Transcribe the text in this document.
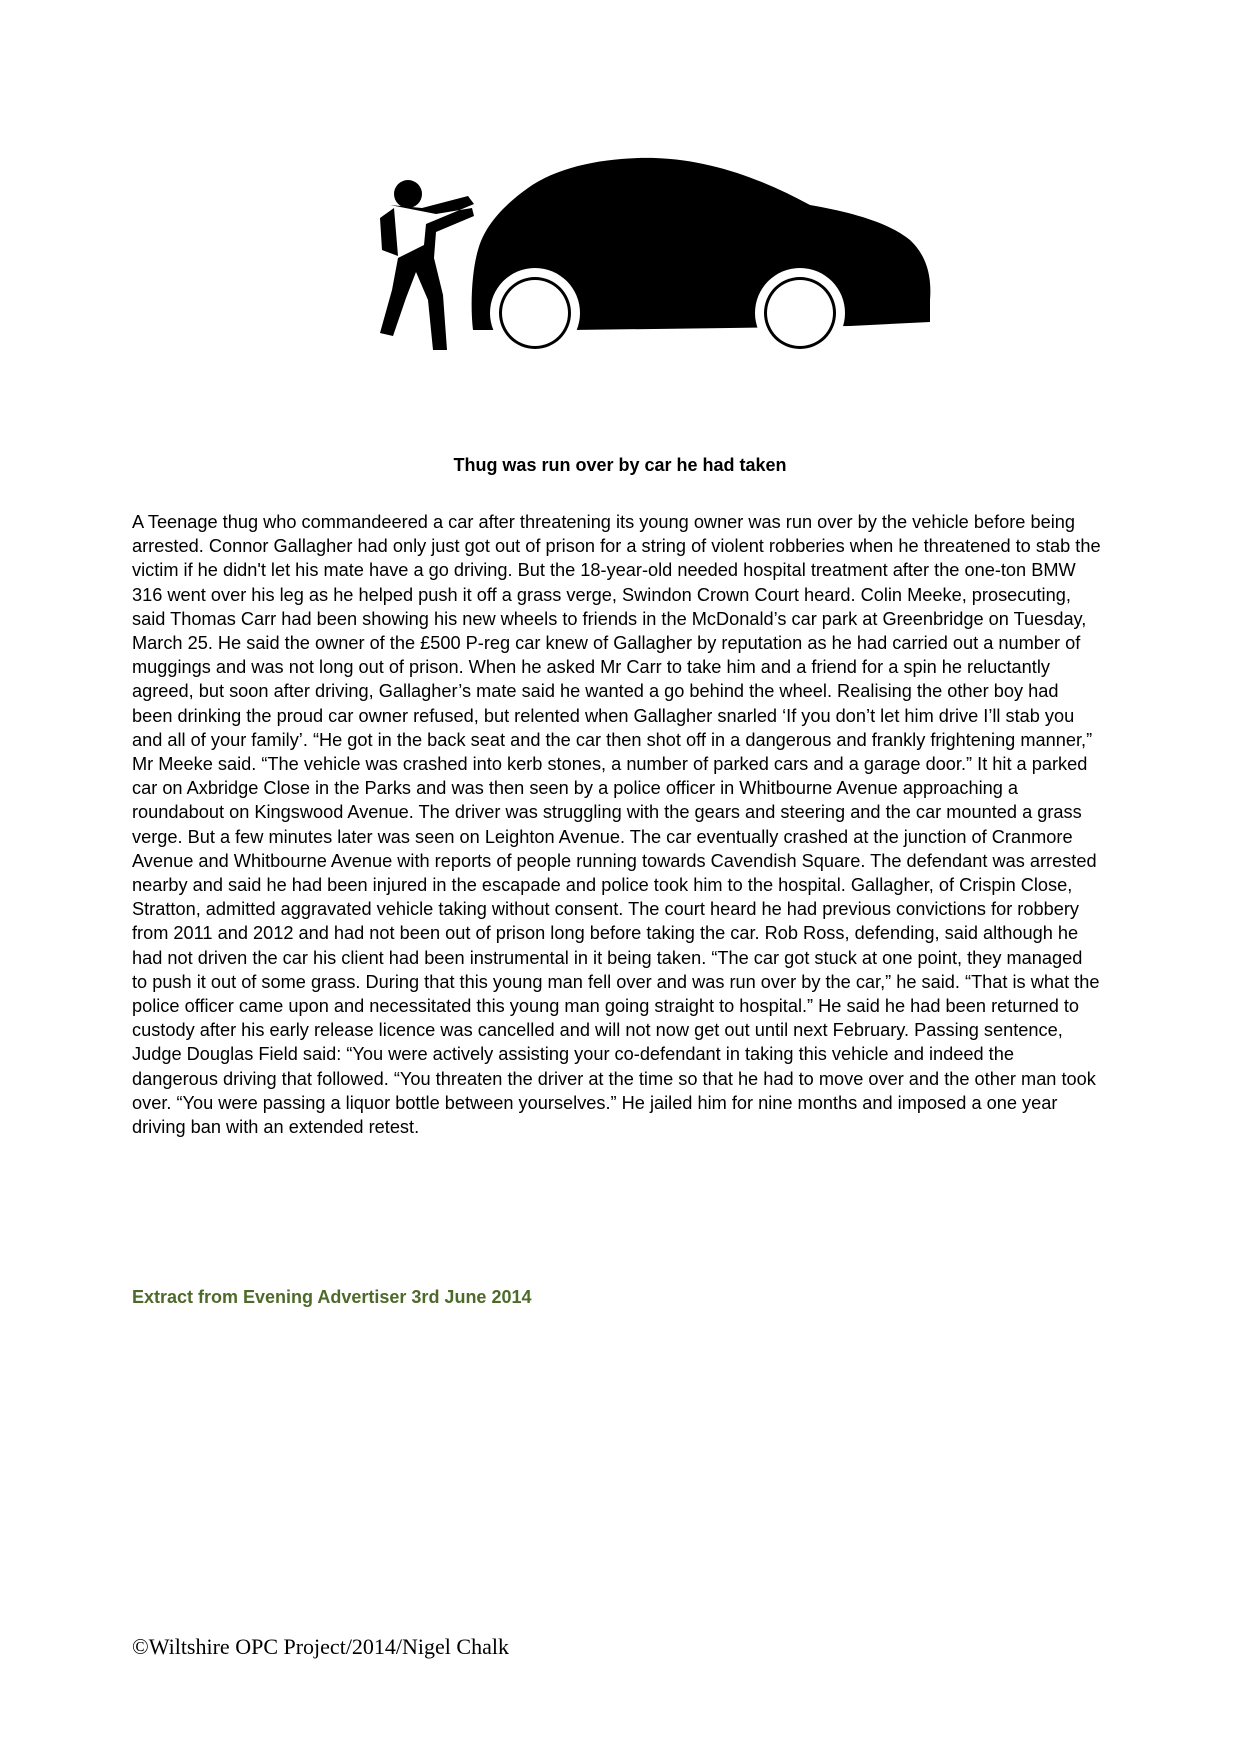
Thug was run over by car he had taken

A Teenage thug who commandeered a car after threatening its young owner was run over by the vehicle before being arrested. Connor Gallagher had only just got out of prison for a string of violent robberies when he threatened to stab the victim if he didn't let his mate have a go driving. But the 18-year-old needed hospital treatment after the one-ton BMW 316 went over his leg as he helped push it off a grass verge, Swindon Crown Court heard. Colin Meeke, prosecuting, said Thomas Carr had been showing his new wheels to friends in the McDonald’s car park at Greenbridge on Tuesday, March 25. He said the owner of the £500 P-reg car knew of Gallagher by reputation as he had carried out a number of muggings and was not long out of prison. When he asked Mr Carr to take him and a friend for a spin he reluctantly agreed, but soon after driving, Gallagher’s mate said he wanted a go behind the wheel. Realising the other boy had been drinking the proud car owner refused, but relented when Gallagher snarled ‘If you don’t let him drive I’ll stab you and all of your family’. “He got in the back seat and the car then shot off in a dangerous and frankly frightening manner,” Mr Meeke said. “The vehicle was crashed into kerb stones, a number of parked cars and a garage door.” It hit a parked car on Axbridge Close in the Parks and was then seen by a police officer in Whitbourne Avenue approaching a roundabout on Kingswood Avenue. The driver was struggling with the gears and steering and the car mounted a grass verge. But a few minutes later was seen on Leighton Avenue. The car eventually crashed at the junction of Cranmore Avenue and Whitbourne Avenue with reports of people running towards Cavendish Square. The defendant was arrested nearby and said he had been injured in the escapade and police took him to the hospital. Gallagher, of Crispin Close, Stratton, admitted aggravated vehicle taking without consent. The court heard he had previous convictions for robbery from 2011 and 2012 and had not been out of prison long before taking the car. Rob Ross, defending, said although he had not driven the car his client had been instrumental in it being taken. “The car got stuck at one point, they managed to push it out of some grass. During that this young man fell over and was run over by the car,” he said. “That is what the police officer came upon and necessitated this young man going straight to hospital.” He said he had been returned to custody after his early release licence was cancelled and will not now get out until next February. Passing sentence, Judge Douglas Field said: “You were actively assisting your co-defendant in taking this vehicle and indeed the dangerous driving that followed. “You threaten the driver at the time so that he had to move over and the other man took over. “You were passing a liquor bottle between yourselves.” He jailed him for nine months and imposed a one year driving ban with an extended retest.

Extract from Evening Advertiser 3rd June 2014

©Wiltshire OPC Project/2014/Nigel Chalk
